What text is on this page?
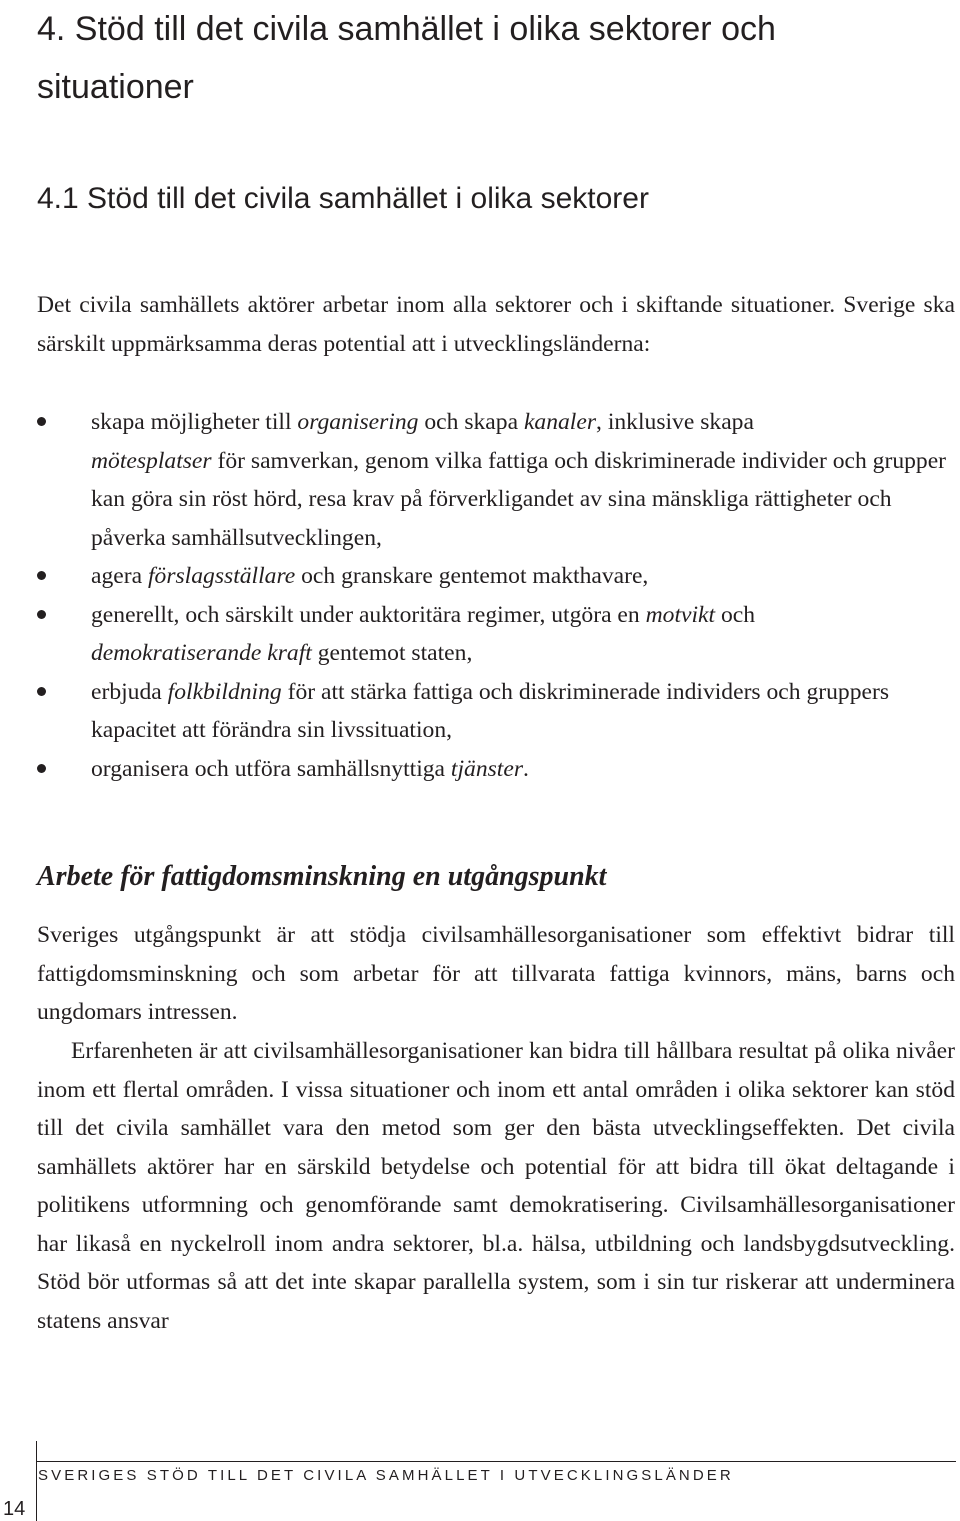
4. Stöd till det civila samhället i olika sektorer och situationer
4.1 Stöd till det civila samhället i olika sektorer

Det civila samhällets aktörer arbetar inom alla sektorer och i skiftande situationer. Sverige ska särskilt uppmärksamma deras potential att i utvecklingsländerna:

skapa möjligheter till organisering och skapa kanaler, inklusive skapa
mötesplatser för samverkan, genom vilka fattiga och diskriminerade individer och grupper kan göra sin röst hörd, resa krav på förverkligandet av sina mänskliga rättigheter och påverka samhällsutvecklingen,
agera förslagsställare och granskare gentemot makthavare,
generellt, och särskilt under auktoritära regimer, utgöra en motvikt och
demokratiserande kraft gentemot staten,
erbjuda folkbildning för att stärka fattiga och diskriminerade individers och gruppers kapacitet att förändra sin livssituation,
organisera och utföra samhällsnyttiga tjänster.
Arbete för fattigdomsminskning en utgångspunkt

Sveriges utgångspunkt är att stödja civilsamhällesorganisationer som effektivt bidrar till fattigdomsminskning och som arbetar för att tillvarata fattiga kvinnors, mäns, barns och ungdomars intressen.

Erfarenheten är att civilsamhällesorganisationer kan bidra till hållbara resultat på olika nivåer inom ett flertal områden. I vissa situationer och inom ett antal områden i olika sektorer kan stöd till det civila samhället vara den metod som ger den bästa utvecklingseffekten. Det civila samhällets aktörer har en särskild betydelse och potential för att bidra till ökat deltagande i politikens utformning och genomförande samt demokratisering. Civilsamhällesorganisationer har likaså en nyckelroll inom andra sektorer, bl.a. hälsa, utbildning och landsbygdsutveckling. Stöd bör utformas så att det inte skapar parallella system, som i sin tur riskerar att underminera statens ansvar

SVERIGES STÖD TILL DET CIVILA SAMHÄLLET I UTVECKLINGSLÄNDER

14
